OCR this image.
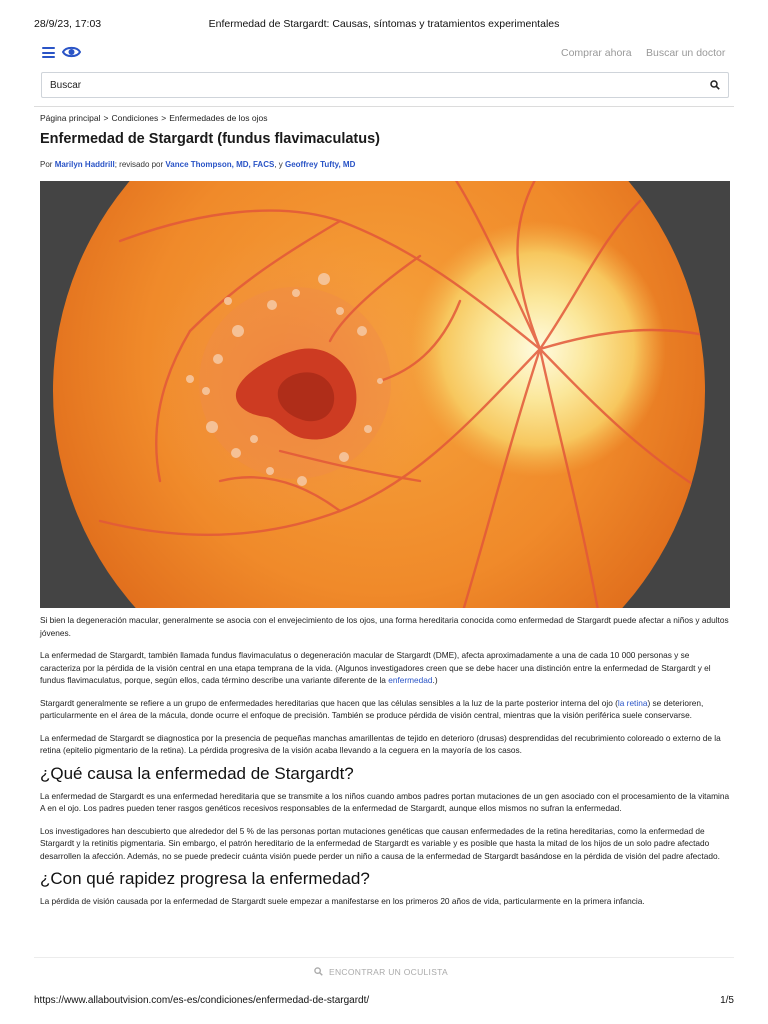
28/9/23, 17:03	Enfermedad de Stargardt: Causas, síntomas y tratamientos experimentales
Comprar ahora Buscar un doctor
Buscar
Página principal > Condiciones > Enfermedades de los ojos
Enfermedad de Stargardt (fundus flavimaculatus)
Por Marilyn Haddrill; revisado por Vance Thompson, MD, FACS, y Geoffrey Tufty, MD

Si bien la degeneración macular, generalmente se asocia con el envejecimiento de los ojos, una forma hereditaria conocida como enfermedad de Stargardt puede afectar a niños y adultos jóvenes.

La enfermedad de Stargardt, también llamada fundus flavimaculatus o degeneración macular de Stargardt (DME), afecta aproximadamente a una de cada 10 000 personas y se caracteriza por la pérdida de la visión central en una etapa temprana de la vida. (Algunos investigadores creen que se debe hacer una distinción entre la enfermedad de Stargardt y el fundus flavimaculatus, porque, según ellos, cada término describe una variante diferente de la enfermedad.)

Stargardt generalmente se refiere a un grupo de enfermedades hereditarias que hacen que las células sensibles a la luz de la parte posterior interna del ojo (la retina) se deterioren, particularmente en el área de la mácula, donde ocurre el enfoque de precisión. También se produce pérdida de visión central, mientras que la visión periférica suele conservarse.

La enfermedad de Stargardt se diagnostica por la presencia de pequeñas manchas amarillentas de tejido en deterioro (drusas) desprendidas del recubrimiento coloreado o externo de la retina (epitelio pigmentario de la retina). La pérdida progresiva de la visión acaba llevando a la ceguera en la mayoría de los casos.

¿Qué causa la enfermedad de Stargardt?

La enfermedad de Stargardt es una enfermedad hereditaria que se transmite a los niños cuando ambos padres portan mutaciones de un gen asociado con el procesamiento de la vitamina A en el ojo. Los padres pueden tener rasgos genéticos recesivos responsables de la enfermedad de Stargardt, aunque ellos mismos no sufran la enfermedad.

Los investigadores han descubierto que alrededor del 5 % de las personas portan mutaciones genéticas que causan enfermedades de la retina hereditarias, como la enfermedad de Stargardt y la retinitis pigmentaria. Sin embargo, el patrón hereditario de la enfermedad de Stargardt es variable y es posible que hasta la mitad de los hijos de un solo padre afectado desarrollen la afección. Además, no se puede predecir cuánta visión puede perder un niño a causa de la enfermedad de Stargardt basándose en la pérdida de visión del padre afectado.

¿Con qué rapidez progresa la enfermedad?

La pérdida de visión causada por la enfermedad de Stargardt suele empezar a manifestarse en los primeros 20 años de vida, particularmente en la primera infancia.

ENCONTRAR UN OCULISTA
https://www.allaboutvision.com/es-es/condiciones/enfermedad-de-stargardt/	1/5
